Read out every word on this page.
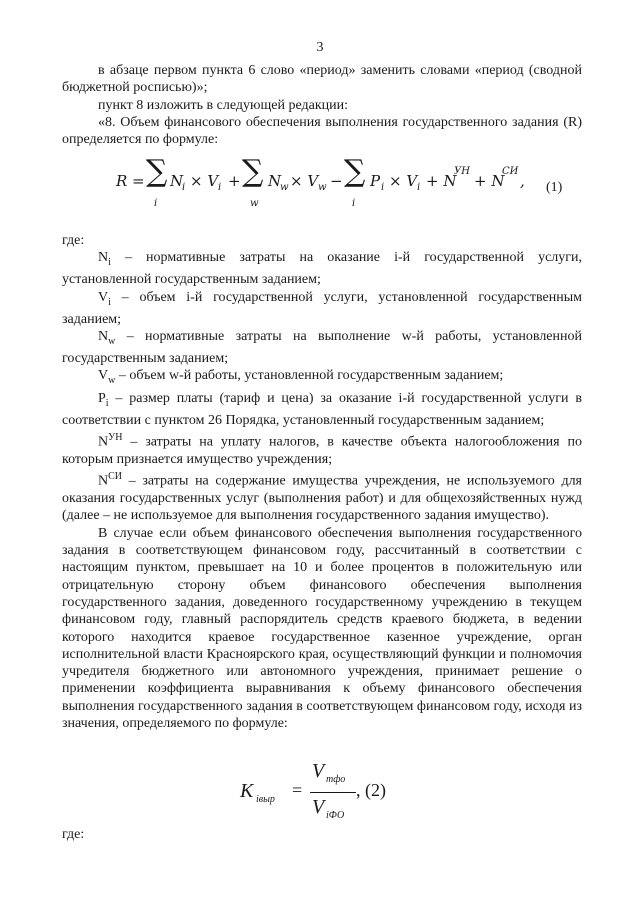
3
в абзаце первом пункта 6 слово «период» заменить словами «период (сводной бюджетной росписью)»;
пункт 8 изложить в следующей редакции:
«8. Объем финансового обеспечения выполнения государственного задания (R) определяется по формуле:
R = ∑
i
N
i × V i + ∑
w
N
w × V w − ∑
i
P i × V i + N
УН
+ N
СИ
, (1)
где:
$N_i$ – нормативные затраты на оказание i-й государственной услуги, установленной государственным заданием;
$V_i$ – объем i-й государственной услуги, установленной государственным заданием;
$N_w$ – нормативные затраты на выполнение w-й работы, установленной государственным заданием;
$V_w$ – объем w-й работы, установленной государственным заданием;
$P_i$ – размер платы (тариф и цена) за оказание i-й государственной услуги в соответствии с пунктом 26 Порядка, установленный государственным заданием;
$N^{УН}$ – затраты на уплату налогов, в качестве объекта налогообложения по которым признается имущество учреждения;
$N^{СИ}$ – затраты на содержание имущества учреждения, не используемого для оказания государственных услуг (выполнения работ) и для общехозяйственных нужд (далее – не используемое для выполнения государственного задания имущество).
В случае если объем финансового обеспечения выполнения государственного задания в соответствующем финансовом году, рассчитанный в соответствии с настоящим пунктом, превышает на 10 и более процентов в положительную или отрицательную сторону объем финансового обеспечения выполнения государственного задания, доведенного государственному учреждению в текущем финансовом году, главный распорядитель средств краевого бюджета, в ведении которого находится краевое государственное казенное учреждение, орган исполнительной власти Красноярского края, осуществляющий функции и полномочия учредителя бюджетного или автономного учреждения, принимает решение о применении коэффициента выравнивания к объему финансового обеспечения выполнения государственного задания в соответствующем финансовом году, исходя из значения, определяемого по формуле:
K iвыр =
V тфо
V iФО
, (2)
где:
